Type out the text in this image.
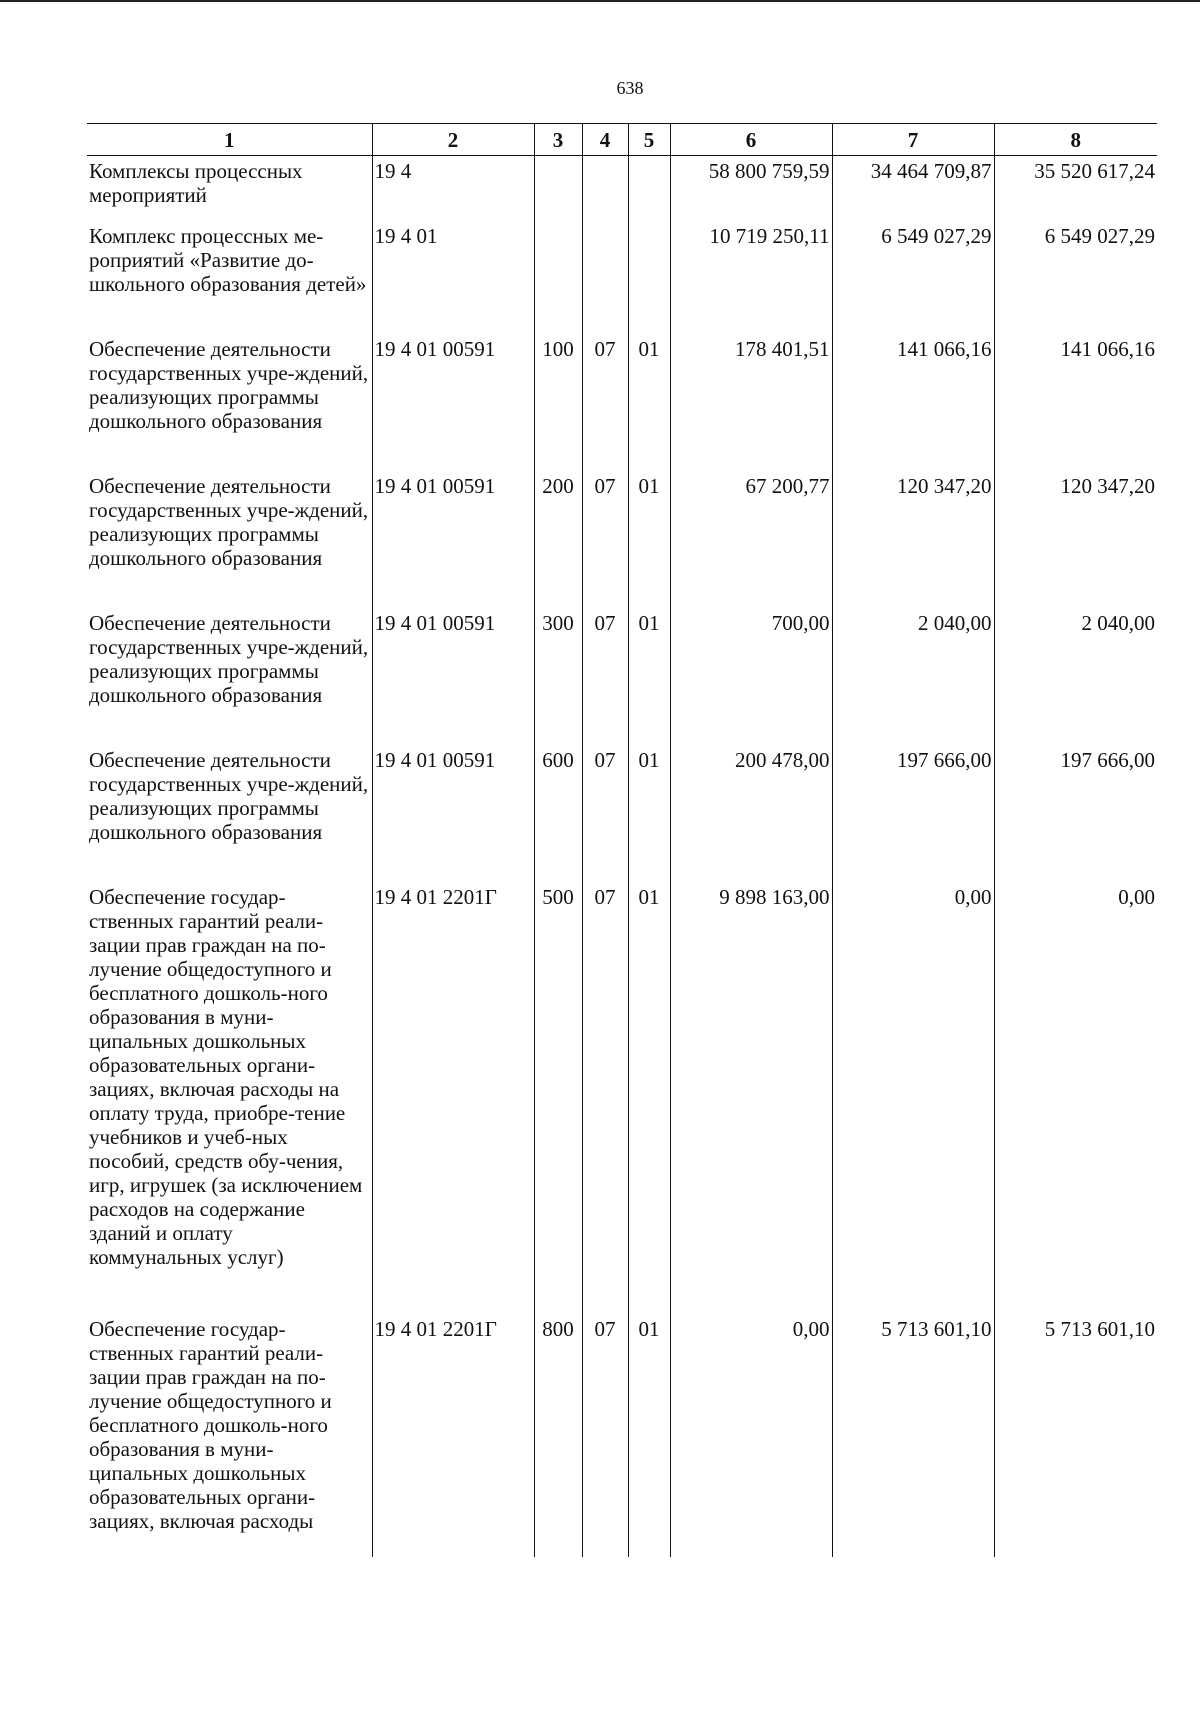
638
1	2	3	4	5	6	7	8
Комплексы процессных мероприятий	19 4				58 800 759,59	34 464 709,87	35 520 617,24
Комплекс процессных ме-роприятий «Развитие до-школьного образования детей»	19 4 01				10 719 250,11	6 549 027,29	6 549 027,29
Обеспечение деятельности государственных учре-ждений, реализующих программы дошкольного образования	19 4 01 00591	100	07	01	178 401,51	141 066,16	141 066,16
Обеспечение деятельности государственных учре-ждений, реализующих программы дошкольного образования	19 4 01 00591	200	07	01	67 200,77	120 347,20	120 347,20
Обеспечение деятельности государственных учре-ждений, реализующих программы дошкольного образования	19 4 01 00591	300	07	01	700,00	2 040,00	2 040,00
Обеспечение деятельности государственных учре-ждений, реализующих программы дошкольного образования	19 4 01 00591	600	07	01	200 478,00	197 666,00	197 666,00
Обеспечение государ-ственных гарантий реали-зации прав граждан на по-лучение общедоступного и бесплатного дошколь-ного образования в муни-ципальных дошкольных образовательных органи-зациях, включая расходы на оплату труда, приобре-тение учебников и учеб-ных пособий, средств обу-чения, игр, игрушек (за исключением расходов на содержание зданий и оплату коммунальных услуг)	19 4 01 2201Г	500	07	01	9 898 163,00	0,00	0,00
Обеспечение государ-ственных гарантий реали-зации прав граждан на по-лучение общедоступного и бесплатного дошколь-ного образования в муни-ципальных дошкольных образовательных органи-зациях, включая расходы	19 4 01 2201Г	800	07	01	0,00	5 713 601,10	5 713 601,10
